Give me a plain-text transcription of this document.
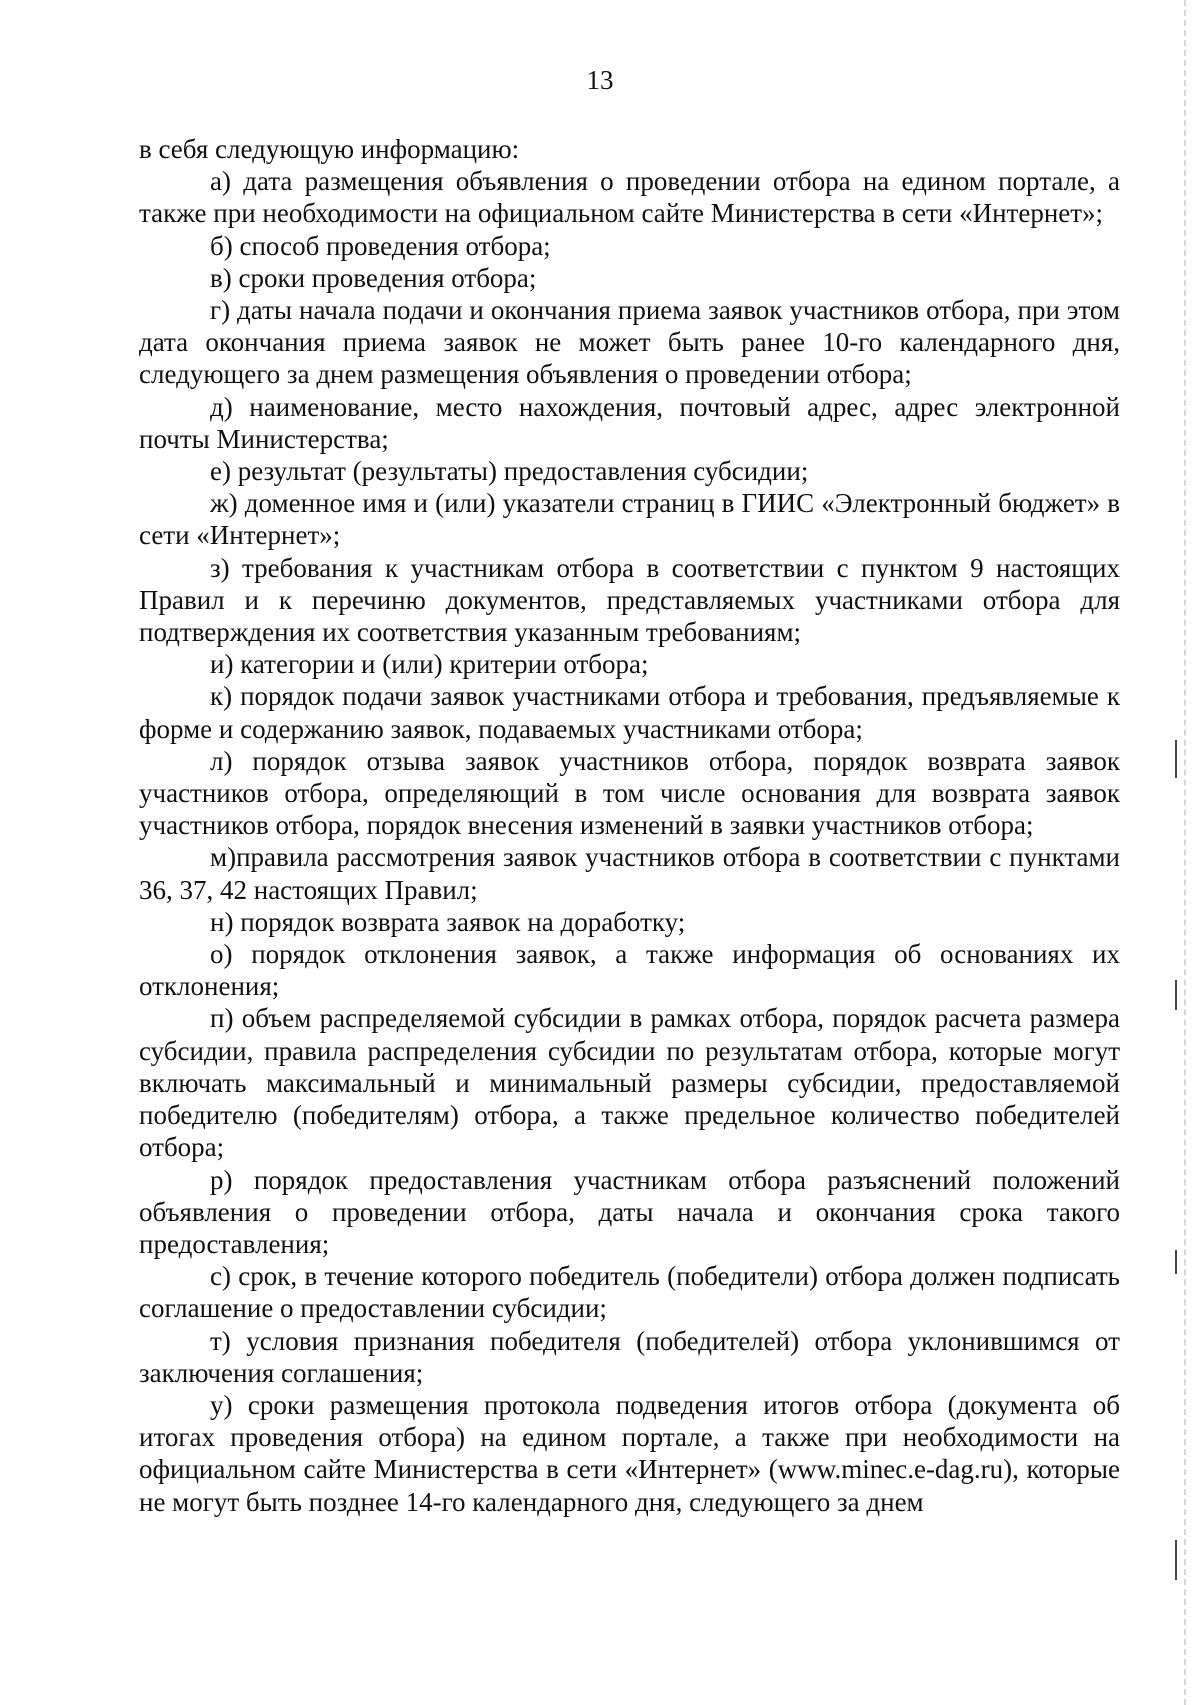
13

в себя следующую информацию:

а) дата размещения объявления о проведении отбора на едином портале, а также при необходимости на официальном сайте Министерства в сети «Интернет»;

б) способ проведения отбора;

в) сроки проведения отбора;

г) даты начала подачи и окончания приема заявок участников отбора, при этом дата окончания приема заявок не может быть ранее 10-го календарного дня, следующего за днем размещения объявления о проведении отбора;

д) наименование, место нахождения, почтовый адрес, адрес электронной почты Министерства;

е) результат (результаты) предоставления субсидии;

ж) доменное имя и (или) указатели страниц в ГИИС «Электронный бюджет» в сети «Интернет»;

з) требования к участникам отбора в соответствии с пунктом 9 настоящих Правил и к перечиню документов, представляемых участниками отбора для подтверждения их соответствия указанным требованиям;

и) категории и (или) критерии отбора;

к) порядок подачи заявок участниками отбора и требования, предъявляемые к форме и содержанию заявок, подаваемых участниками отбора;

л) порядок отзыва заявок участников отбора, порядок возврата заявок участников отбора, определяющий в том числе основания для возврата заявок участников отбора, порядок внесения изменений в заявки участников отбора;

м)правила рассмотрения заявок участников отбора в соответствии с пунктами 36, 37, 42 настоящих Правил;

н) порядок возврата заявок на доработку;

о) порядок отклонения заявок, а также информация об основаниях их отклонения;

п) объем распределяемой субсидии в рамках отбора, порядок расчета размера субсидии, правила распределения субсидии по результатам отбора, которые могут включать максимальный и минимальный размеры субсидии, предоставляемой победителю (победителям) отбора, а также предельное количество победителей отбора;

р) порядок предоставления участникам отбора разъяснений положений объявления о проведении отбора, даты начала и окончания срока такого предоставления;

с) срок, в течение которого победитель (победители) отбора должен подписать соглашение о предоставлении субсидии;

т) условия признания победителя (победителей) отбора уклонившимся от заключения соглашения;

у) сроки размещения протокола подведения итогов отбора (документа об итогах проведения отбора) на едином портале, а также при необходимости на официальном сайте Министерства в сети «Интернет» (www.minec.e-dag.ru), которые не могут быть позднее 14-го календарного дня, следующего за днем
